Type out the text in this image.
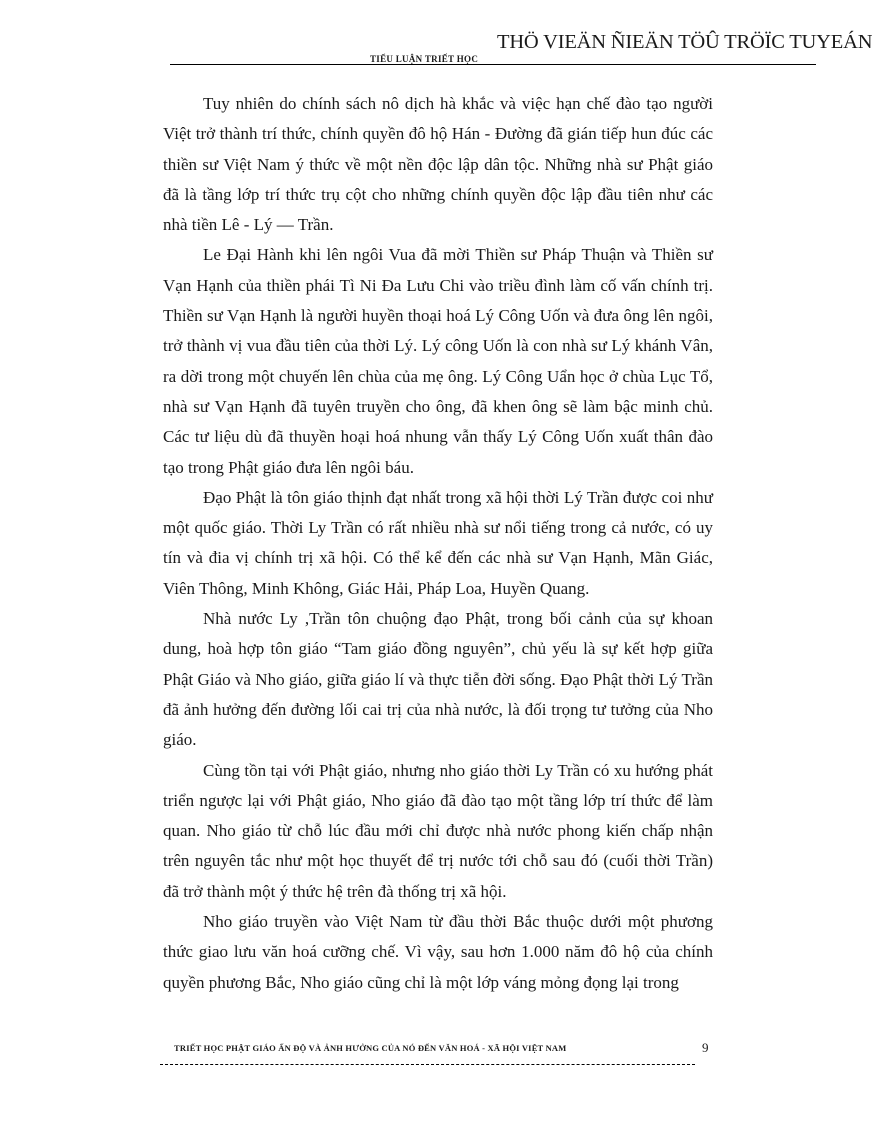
TIỂU LUẬN TRIẾT HỌC
THÖ VIEÄN ÑIEÄN TÖÛ TRÖÏC TUYEÁN

Tuy nhiên do chính sách nô dịch hà khắc và việc hạn chế đào tạo người Việt trở thành trí thức, chính quyền đô hộ Hán - Đường đã gián tiếp hun đúc các thiền sư Việt Nam ý thức về một nền độc lập dân tộc. Những nhà sư Phật giáo đã là tầng lớp trí thức trụ cột cho những chính quyền độc lập đầu tiên như các nhà tiền Lê - Lý — Trần.

Le Đại Hành khi lên ngôi Vua đã mời Thiền sư Pháp Thuận và Thiền sư Vạn Hạnh của thiền phái Tì Ni Đa Lưu Chi vào triều đình làm cố vấn chính trị. Thiền sư Vạn Hạnh là người huyền thoại hoá Lý Công Uốn và đưa ông lên ngôi, trở thành vị vua đầu tiên của thời Lý. Lý công Uốn là con nhà sư Lý khánh Vân, ra dời trong một chuyến lên chùa của mẹ ông. Lý Công Uẩn học ở chùa Lục Tổ, nhà sư Vạn Hạnh đã tuyên truyền cho ông, đã khen ông sẽ làm bậc minh chủ. Các tư liệu dù đã thuyền hoại hoá nhung vẫn thấy Lý Công Uốn xuất thân đào tạo trong Phật giáo đưa lên ngôi báu.

Đạo Phật là tôn giáo thịnh đạt nhất trong xã hội thời Lý Trần được coi như một quốc giáo. Thời Ly Trần có rất nhiều nhà sư nổi tiếng trong cả nước, có uy tín và đia vị chính trị xã hội. Có thể kể đến các nhà sư Vạn Hạnh, Mãn Giác, Viên Thông, Minh Không, Giác Hải, Pháp Loa, Huyền Quang.

Nhà nước Ly ,Trần tôn chuộng đạo Phật, trong bối cảnh của sự khoan dung, hoà hợp tôn giáo “Tam giáo đồng nguyên”, chủ yếu là sự kết hợp giữa Phật Giáo và Nho giáo, giữa giáo lí và thực tiễn đời sống. Đạo Phật thời Lý Trần đã ảnh hưởng đến đường lối cai trị của nhà nước, là đối trọng tư tưởng của Nho giáo.

Cùng tồn tại với Phật giáo, nhưng nho giáo thời Ly Trần có xu hướng phát triển ngược lại với Phật giáo, Nho giáo đã đào tạo một tầng lớp trí thức để làm quan. Nho giáo từ chỗ lúc đầu mới chỉ được nhà nước phong kiến chấp nhận trên nguyên tắc như một học thuyết để trị nước tới chỗ sau đó (cuối thời Trần) đã trở thành một ý thức hệ trên đà thống trị xã hội.

Nho giáo truyền vào Việt Nam từ đầu thời Bắc thuộc dưới một phương thức giao lưu văn hoá cưỡng chế. Vì vậy, sau hơn 1.000 năm đô hộ của chính quyền phương Bắc, Nho giáo cũng chỉ là một lớp váng mỏng đọng lại trong

TRIẾT HỌC PHẬT GIÁO ẤN ĐỘ VÀ ẢNH HƯỞNG CỦA NÓ ĐẾN VĂN HOÁ - XÃ HỘI VIỆT NAM	9
